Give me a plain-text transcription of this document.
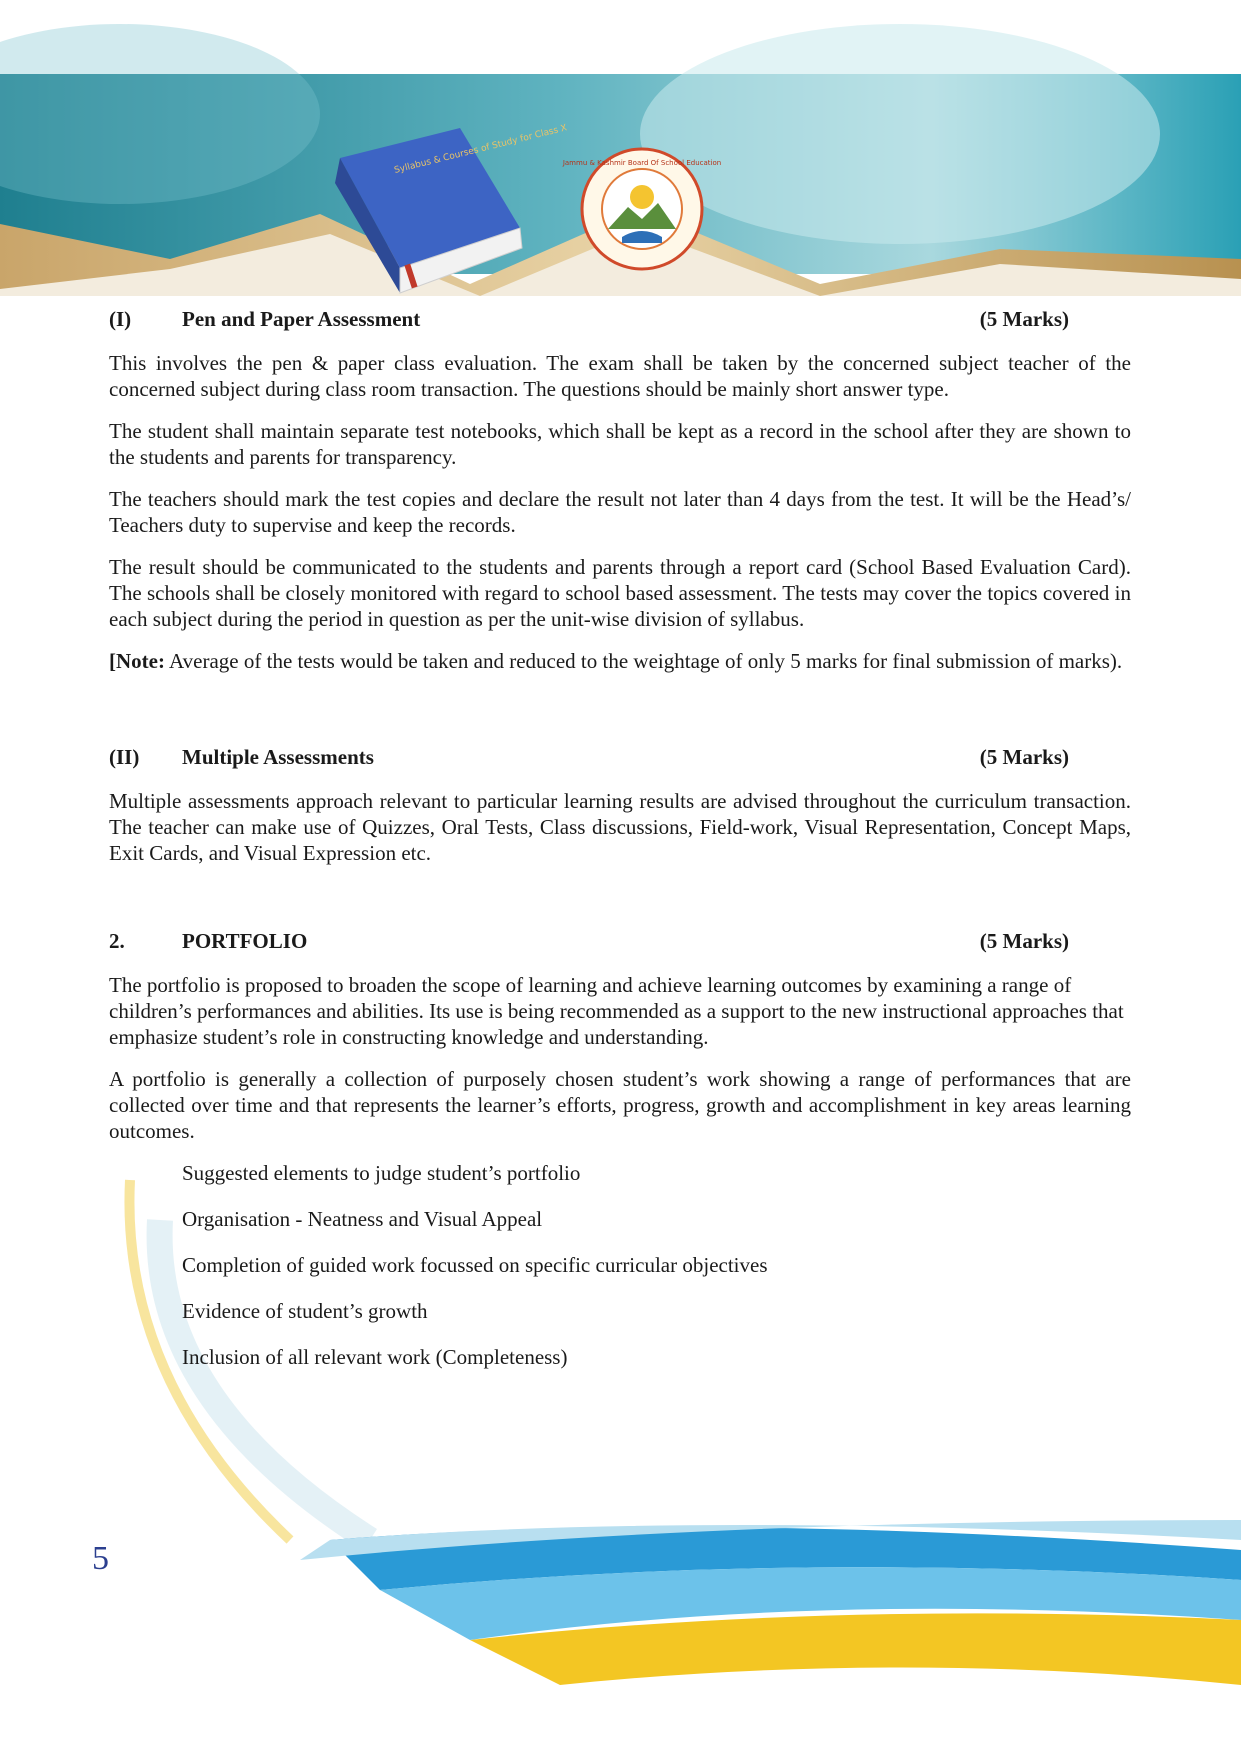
Syllabus & Courses of Study for Class X
Jammu & Kashmir Board Of School Education
(I)	Pen and Paper Assessment	(5 Marks)

This involves the pen & paper class evaluation. The exam shall be taken by the concerned subject teacher of the concerned subject during class room transaction. The questions should be mainly short answer type.

The student shall maintain separate test notebooks, which shall be kept as a record in the school after they are shown to the students and parents for transparency.

The teachers should mark the test copies and declare the result not later than 4 days from the test. It will be the Head’s/ Teachers duty to supervise and keep the records.

The result should be communicated to the students and parents through a report card (School Based Evaluation Card). The schools shall be closely monitored with regard to school based assessment. The tests may cover the topics covered in each subject during the period in question as per the unit-wise division of syllabus.

[Note: Average of the tests would be taken and reduced to the weightage of only 5 marks for final submission of marks).

(II)	Multiple Assessments	(5 Marks)

Multiple assessments approach relevant to particular learning results are advised throughout the curriculum transaction. The teacher can make use of Quizzes, Oral Tests, Class discussions, Field-work, Visual Representation, Concept Maps, Exit Cards, and Visual Expression etc.

2.	PORTFOLIO	(5 Marks)

The portfolio is proposed to broaden the scope of learning and achieve learning outcomes by examining a range of children’s performances and abilities. Its use is being recommended as a support to the new instructional approaches that emphasize student’s role in constructing knowledge and understanding.

A portfolio is generally a collection of purposely chosen student’s work showing a range of performances that are collected over time and that represents the learner’s efforts, progress, growth and accomplishment in key areas learning outcomes.

Suggested elements to judge student’s portfolio

Organisation - Neatness and Visual Appeal

Completion of guided work focussed on specific curricular objectives

Evidence of student’s growth

Inclusion of all relevant work (Completeness)

5
